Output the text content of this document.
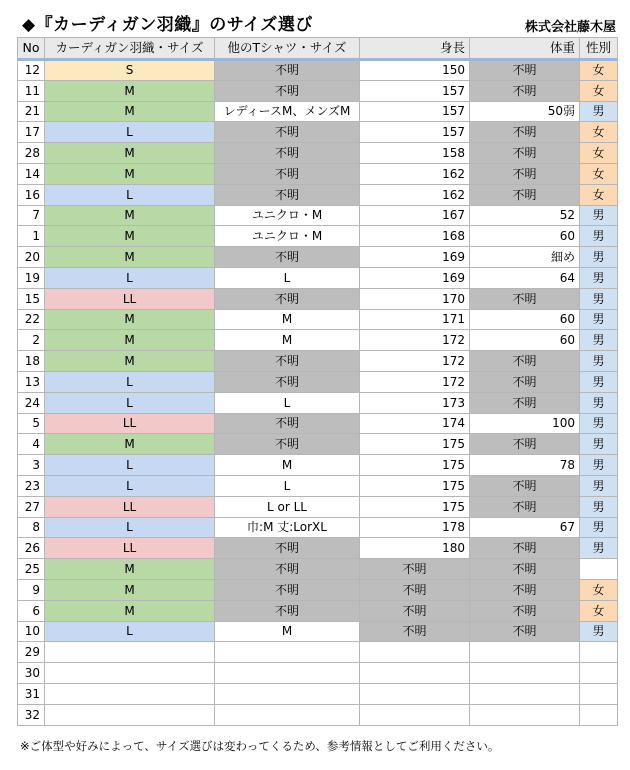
◆『カーディガン羽織』のサイズ選び	株式会社藤木屋
No	カーディガン羽織・サイズ	他のTシャツ・サイズ	身長	体重	性別
12	S	不明	150	不明	女
11	M	不明	157	不明	女
21	M	レディースM、メンズM	157	50弱	男
17	L	不明	157	不明	女
28	M	不明	158	不明	女
14	M	不明	162	不明	女
16	L	不明	162	不明	女
7	M	ユニクロ・M	167	52	男
1	M	ユニクロ・M	168	60	男
20	M	不明	169	細め	男
19	L	L	169	64	男
15	LL	不明	170	不明	男
22	M	M	171	60	男
2	M	M	172	60	男
18	M	不明	172	不明	男
13	L	不明	172	不明	男
24	L	L	173	不明	男
5	LL	不明	174	100	男
4	M	不明	175	不明	男
3	L	M	175	78	男
23	L	L	175	不明	男
27	LL	L or LL	175	不明	男
8	L	巾:M 丈:LorXL	178	67	男
26	LL	不明	180	不明	男
25	M	不明	不明	不明	
9	M	不明	不明	不明	女
6	M	不明	不明	不明	女
10	L	M	不明	不明	男
29					
30					
31					
32					
※ご体型や好みによって、サイズ選びは変わってくるため、参考情報としてご利用ください。
